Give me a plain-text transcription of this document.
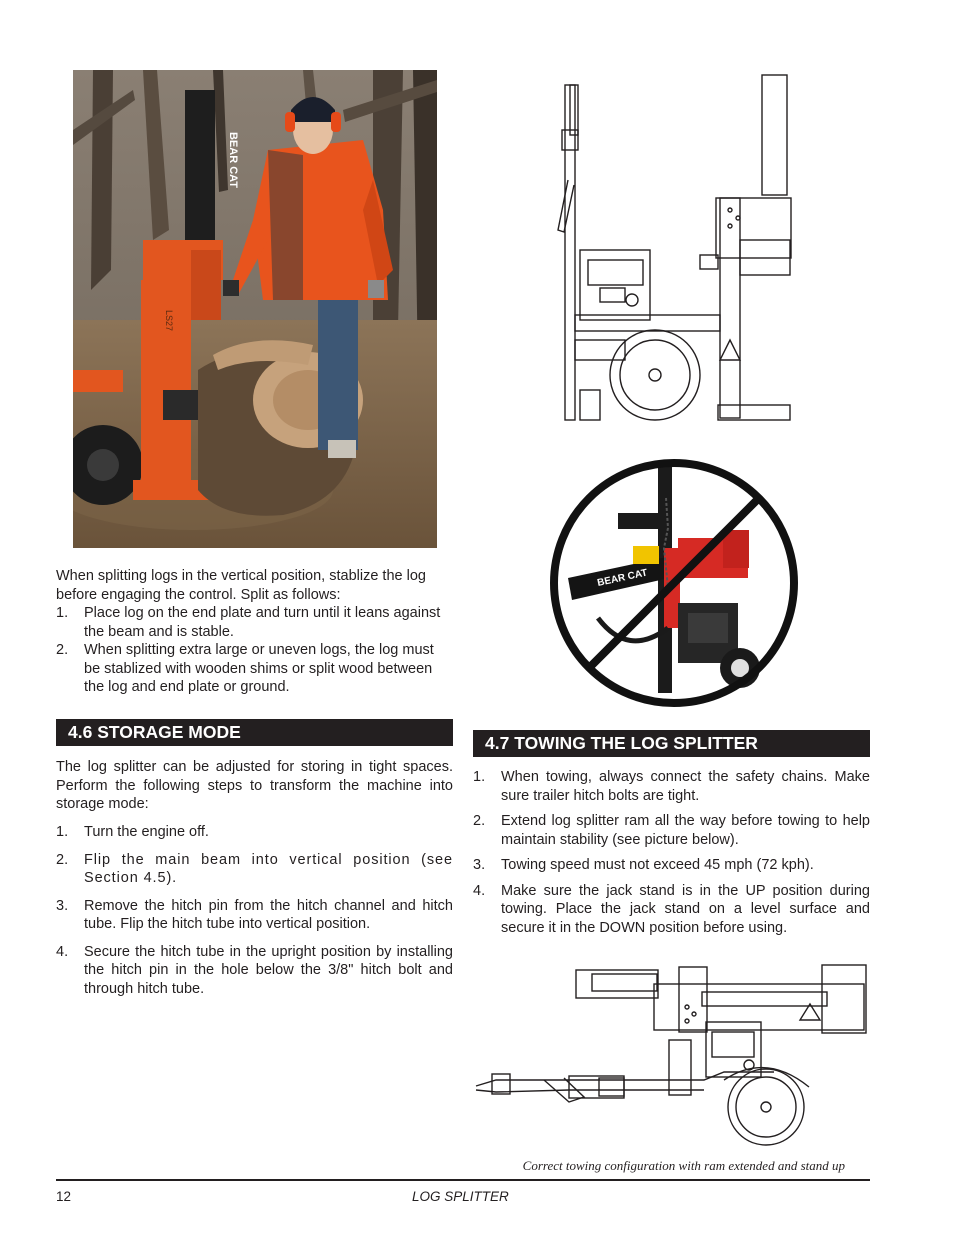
BEAR CAT
LS27
BEAR CAT
When splitting logs in the vertical position, stablize the log before engaging the control. Split as follows:
1. Place log on the end plate and turn until it leans against the beam and is stable.
2. When splitting extra large or uneven logs, the log must be stablized with wooden shims or split wood between the log and end plate or ground.
4.6 STORAGE MODE
The log splitter can be adjusted for storing in tight spaces. Perform the following steps to transform the machine into storage mode:
1. Turn the engine off.
2. Flip the main beam into vertical position (see Section 4.5).
3. Remove the hitch pin from the hitch channel and hitch tube. Flip the hitch tube into vertical position.
4. Secure the hitch tube in the upright position by installing the hitch pin in the hole below the 3/8" hitch bolt and through hitch tube.
4.7 TOWING THE LOG SPLITTER
1. When towing, always connect the safety chains. Make sure trailer hitch bolts are tight.
2. Extend log splitter ram all the way before towing to help maintain stability (see picture below).
3. Towing speed must not exceed 45 mph (72 kph).
4. Make sure the jack stand is in the UP position during towing. Place the jack stand on a level surface and secure it in the DOWN position before using.
Correct towing configuration with ram extended and stand up
12	LOG SPLITTER
